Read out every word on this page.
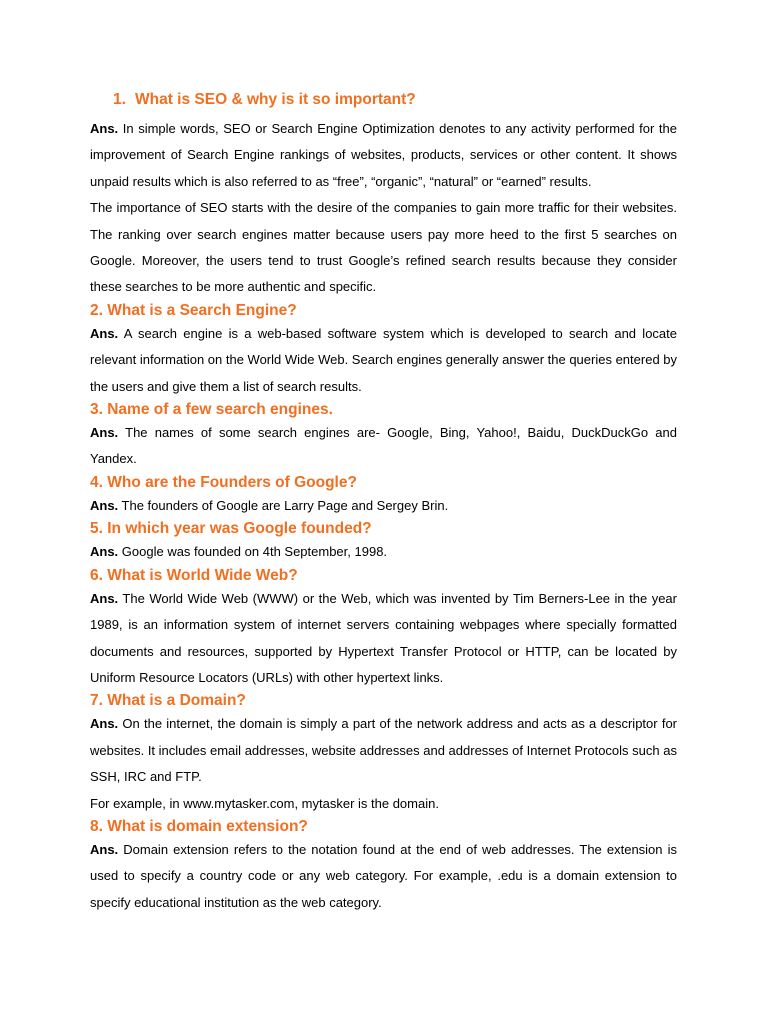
1. What is SEO & why is it so important?

Ans. In simple words, SEO or Search Engine Optimization denotes to any activity performed for the improvement of Search Engine rankings of websites, products, services or other content. It shows unpaid results which is also referred to as “free”, “organic”, “natural” or “earned” results.

The importance of SEO starts with the desire of the companies to gain more traffic for their websites. The ranking over search engines matter because users pay more heed to the first 5 searches on Google. Moreover, the users tend to trust Google’s refined search results because they consider these searches to be more authentic and specific.

2. What is a Search Engine?

Ans. A search engine is a web-based software system which is developed to search and locate relevant information on the World Wide Web. Search engines generally answer the queries entered by the users and give them a list of search results.

3. Name of a few search engines.

Ans. The names of some search engines are- Google, Bing, Yahoo!, Baidu, DuckDuckGo and Yandex.

4. Who are the Founders of Google?

Ans. The founders of Google are Larry Page and Sergey Brin.

5. In which year was Google founded?

Ans. Google was founded on 4th September, 1998.

6. What is World Wide Web?

Ans. The World Wide Web (WWW) or the Web, which was invented by Tim Berners-Lee in the year 1989, is an information system of internet servers containing webpages where specially formatted documents and resources, supported by Hypertext Transfer Protocol or HTTP, can be located by Uniform Resource Locators (URLs) with other hypertext links.

7. What is a Domain?

Ans. On the internet, the domain is simply a part of the network address and acts as a descriptor for websites. It includes email addresses, website addresses and addresses of Internet Protocols such as SSH, IRC and FTP.

For example, in www.mytasker.com, mytasker is the domain.

8. What is domain extension?

Ans. Domain extension refers to the notation found at the end of web addresses. The extension is used to specify a country code or any web category. For example, .edu is a domain extension to specify educational institution as the web category.
